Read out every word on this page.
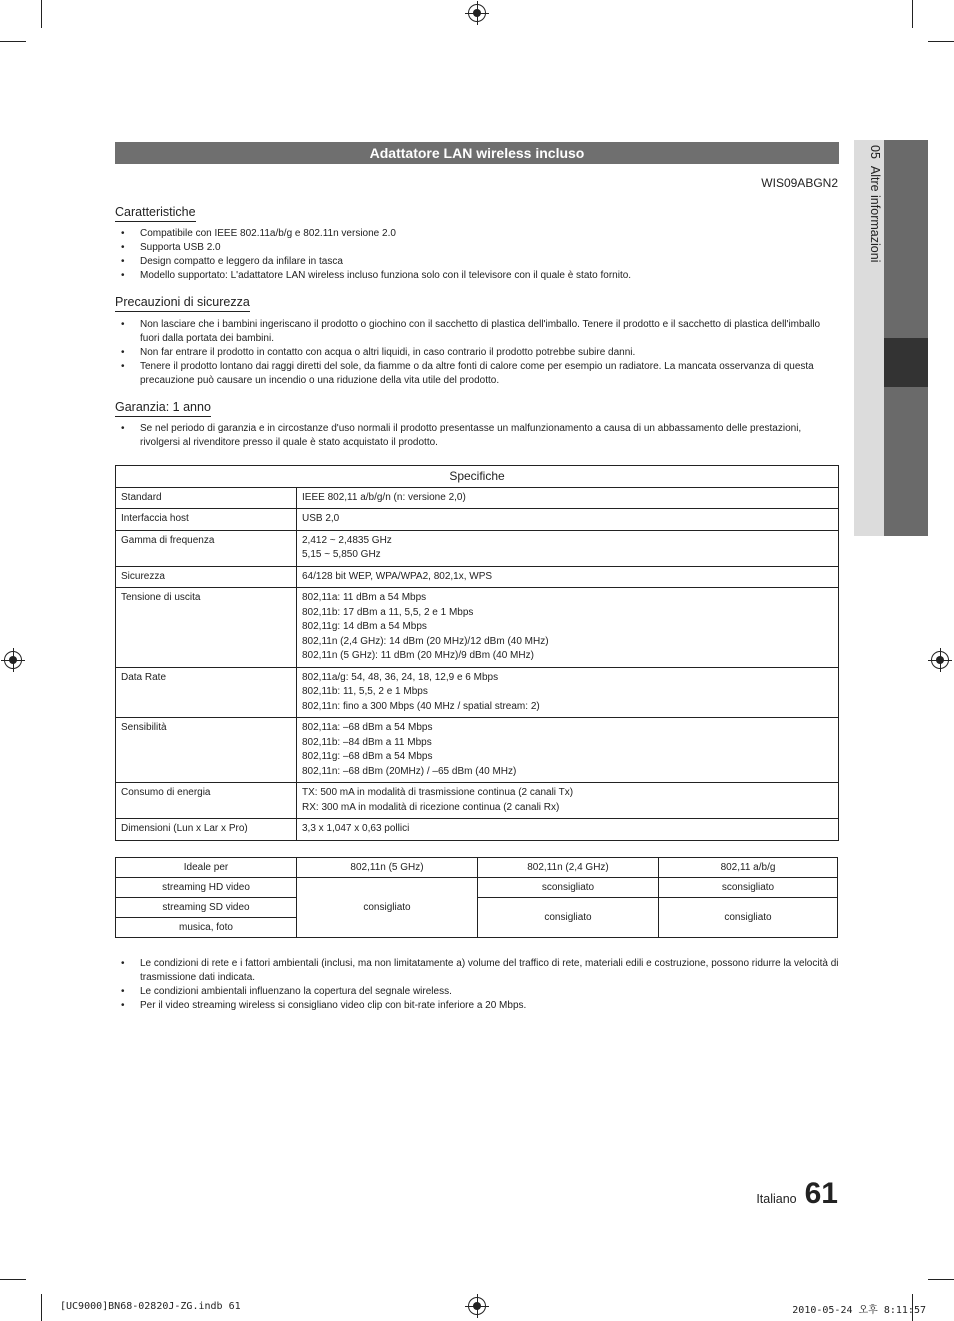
05  Altre informazioni
Adattatore LAN wireless incluso
WIS09ABGN2
Caratteristiche
• Compatibile con IEEE 802.11a/b/g e 802.11n versione 2.0
• Supporta USB 2.0
• Design compatto e leggero da infilare in tasca
• Modello supportato: L'adattatore LAN wireless incluso funziona solo con il televisore con il quale è stato fornito.
Precauzioni di sicurezza
• Non lasciare che i bambini ingeriscano il prodotto o giochino con il sacchetto di plastica dell'imballo. Tenere il prodotto e il sacchetto di plastica dell'imballo fuori dalla portata dei bambini.
• Non far entrare il prodotto in contatto con acqua o altri liquidi, in caso contrario il prodotto potrebbe subire danni.
• Tenere il prodotto lontano dai raggi diretti del sole, da fiamme o da altre fonti di calore come per esempio un radiatore. La mancata osservanza di questa precauzione può causare un incendio o una riduzione della vita utile del prodotto.
Garanzia: 1 anno
• Se nel periodo di garanzia e in circostanze d'uso normali il prodotto presentasse un malfunzionamento a causa di un abbassamento delle prestazioni, rivolgersi al rivenditore presso il quale è stato acquistato il prodotto.
Specifiche	
Standard	IEEE 802,11 a/b/g/n (n: versione 2,0)
Interfaccia host	USB 2,0
Gamma di frequenza	2,412 ~ 2,4835 GHz
5,15 ~ 5,850 GHz
Sicurezza	64/128 bit WEP, WPA/WPA2, 802,1x, WPS
Tensione di uscita	802,11a: 11 dBm a 54 Mbps
802,11b: 17 dBm a 11, 5,5, 2 e 1 Mbps
802,11g: 14 dBm a 54 Mbps
802,11n (2,4 GHz): 14 dBm (20 MHz)/12 dBm (40 MHz)
802,11n (5 GHz): 11 dBm (20 MHz)/9 dBm (40 MHz)
Data Rate	802,11a/g: 54, 48, 36, 24, 18, 12,9 e 6 Mbps
802,11b: 11, 5,5, 2 e 1 Mbps
802,11n: fino a 300 Mbps (40 MHz / spatial stream: 2)
Sensibilità	802,11a: –68 dBm a 54 Mbps
802,11b: –84 dBm a 11 Mbps
802,11g: –68 dBm a 54 Mbps
802,11n: –68 dBm (20MHz) / –65 dBm (40 MHz)
Consumo di energia	TX: 500 mA in modalità di trasmissione continua (2 canali Tx)
RX: 300 mA in modalità di ricezione continua (2 canali Rx)
Dimensioni (Lun x Lar x Pro)	3,3 x 1,047 x 0,63 pollici
Ideale per	802,11n (5 GHz)	802,11n (2,4 GHz)	802,11 a/b/g
streaming HD video	consigliato	sconsigliato	sconsigliato
streaming SD video		consigliato	consigliato
musica, foto			
• Le condizioni di rete e i fattori ambientali (inclusi, ma non limitatamente a) volume del traffico di rete, materiali edili e costruzione, possono ridurre la velocità di trasmissione dati indicata.
• Le condizioni ambientali influenzano la copertura del segnale wireless.
• Per il video streaming wireless si consigliano video clip con bit-rate inferiore a 20 Mbps.
Italiano 61
[UC9000]BN68-02820J-ZG.indb 61	2010-05-24 오후 8:11:57
